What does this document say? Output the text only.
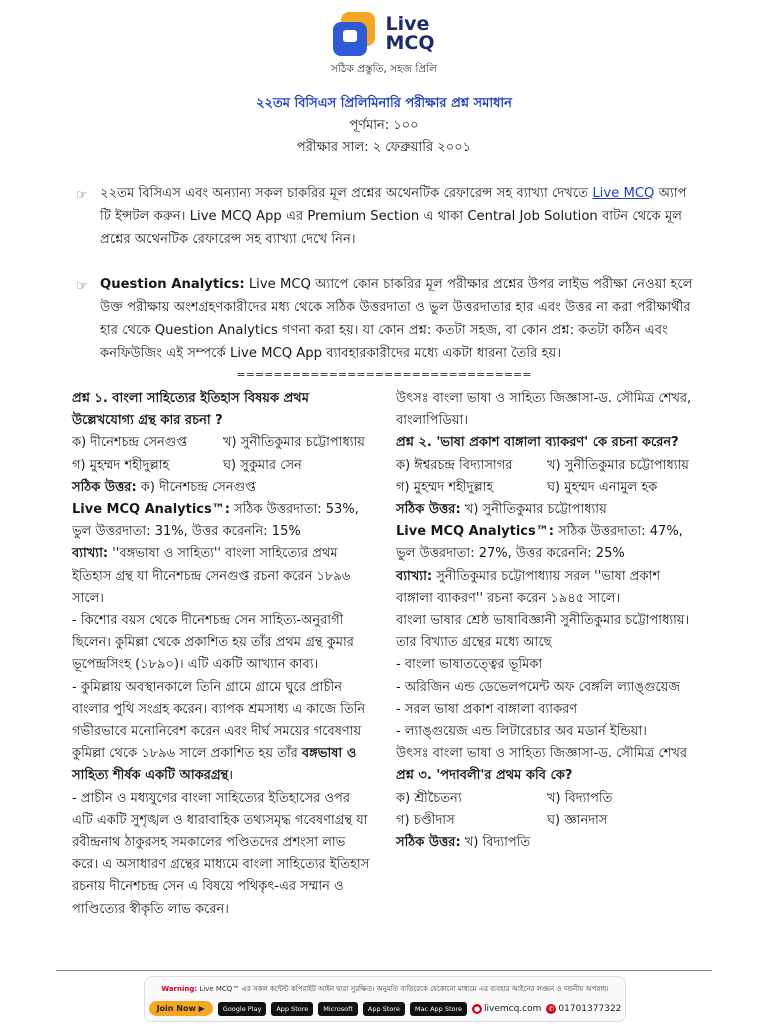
Live
MCQ
সঠিক প্রস্তুতি, সহজ প্রিলি
২২তম বিসিএস প্রিলিমিনারি পরীক্ষার প্রশ্ন সমাধান
পূর্ণমান: ১০০
পরীক্ষার সাল: ২ ফেব্রুয়ারি ২০০১
☞ ২২তম বিসিএস এবং অন্যান্য সকল চাকরির মূল প্রশ্নের অথেনটিক রেফারেন্স সহ ব্যাখ্যা দেখতে Live MCQ অ্যাপ টি ইন্সটল করুন। Live MCQ App এর Premium Section এ থাকা Central Job Solution বাটন থেকে মূল প্রশ্নের অথেনটিক রেফারেন্স সহ ব্যাখ্যা দেখে নিন।
☞ Question Analytics: Live MCQ অ্যাপে কোন চাকরির মূল পরীক্ষার প্রশ্নের উপর লাইভ পরীক্ষা নেওয়া হলে উক্ত পরীক্ষায় অংশগ্রহণকারীদের মধ্য থেকে সঠিক উত্তরদাতা ও ভুল উত্তরদাতার হার এবং উত্তর না করা পরীক্ষার্থীর হার থেকে Question Analytics গণনা করা হয়। যা কোন প্রশ্ন: কতটা সহজ, বা কোন প্রশ্ন: কতটা কঠিন এবং কনফিউজিং এই সম্পর্কে Live MCQ App ব্যাবহারকারীদের মধ্যে একটা ধারনা তৈরি হয়।
================================

প্রশ্ন ১. বাংলা সাহিত্যের ইতিহাস বিষয়ক প্রথম উল্লেখযোগ্য গ্রন্থ কার রচনা ?

ক) দীনেশচন্দ্র সেনগুপ্ত	খ) সুনীতিকুমার চট্টোপাধ্যায়
গ) মুহম্মদ শহীদুল্লাহ	ঘ) সুকুমার সেন

সঠিক উত্তর: ক) দীনেশচন্দ্র সেনগুপ্ত

Live MCQ Analytics™: সঠিক উত্তরদাতা: 53%, ভুল উত্তরদাতা: 31%, উত্তর করেননি: 15%

ব্যাখ্যা: ''বঙ্গভাষা ও সাহিত্য'' বাংলা সাহিত্যের প্রথম ইতিহাস গ্রন্থ যা দীনেশচন্দ্র সেনগুপ্ত রচনা করেন ১৮৯৬ সালে।

- কিশোর বয়স থেকে দীনেশচন্দ্র সেন সাহিত্য-অনুরাগী ছিলেন। কুমিল্লা থেকে প্রকাশিত হয় তাঁর প্রথম গ্রন্থ কুমার ভূপেন্দ্রসিংহ (১৮৯০)। এটি একটি আখ্যান কাব্য।

- কুমিল্লায় অবস্থানকালে তিনি গ্রামে গ্রামে ঘুরে প্রাচীন বাংলার পুথি সংগ্রহ করেন। ব্যাপক শ্রমসাধ্য এ কাজে তিনি গভীরভাবে মনোনিবেশ করেন এবং দীর্ঘ সময়ের গবেষণায় কুমিল্লা থেকে ১৮৯৬ সালে প্রকাশিত হয় তাঁর বঙ্গভাষা ও সাহিত্য শীর্ষক একটি আকরগ্রন্থ।

- প্রাচীন ও মধ্যযুগের বাংলা সাহিত্যের ইতিহাসের ওপর এটি একটি সুশৃঙ্খল ও ধারাবাহিক তথ্যসমৃদ্ধ গবেষণাগ্রন্থ যা রবীন্দ্রনাথ ঠাকুরসহ সমকালের পণ্ডিতদের প্রশংসা লাভ করে। এ অসাধারণ গ্রন্থের মাধ্যমে বাংলা সাহিত্যের ইতিহাস রচনায় দীনেশচন্দ্র সেন এ বিষয়ে পথিকৃৎ-এর সম্মান ও পাণ্ডিত্যের স্বীকৃতি লাভ করেন।

উৎসঃ বাংলা ভাষা ও সাহিত্য জিজ্ঞাসা-ড. সৌমিত্র শেখর, বাংলাপিডিয়া।

প্রশ্ন ২. 'ভাষা প্রকাশ বাঙ্গালা ব্যাকরণ' কে রচনা করেন?

ক) ঈশ্বরচন্দ্র বিদ্যাসাগর	খ) সুনীতিকুমার চট্টোপাধ্যায়
গ) মুহম্মদ শহীদুল্লাহ	ঘ) মুহম্মদ এনামুল হক

সঠিক উত্তর: খ) সুনীতিকুমার চট্টোপাধ্যায়

Live MCQ Analytics™: সঠিক উত্তরদাতা: 47%, ভুল উত্তরদাতা: 27%, উত্তর করেননি: 25%

ব্যাখ্যা: সুনীতিকুমার চট্টোপাধ্যায় সরল ''ভাষা প্রকাশ বাঙ্গালা ব্যাকরণ'' রচনা করেন ১৯৪৫ সালে।

বাংলা ভাষার শ্রেষ্ঠ ভাষাবিজ্ঞানী সুনীতিকুমার চট্টোপাধ্যায়।

তার বিখ্যাত গ্রন্থের মধ্যে আছে

- বাংলা ভাষাতত্ত্বের ভূমিকা

- অরিজিন এন্ড ডেভেলপমেন্ট অফ বেঙ্গলি ল্যাঙ্গুয়েজ

- সরল ভাষা প্রকাশ বাঙ্গালা ব্যাকরণ

- ল্যাঙ্গুয়েজ এন্ড লিটারেচার অব মডার্ন ইন্ডিয়া।

উৎসঃ বাংলা ভাষা ও সাহিত্য জিজ্ঞাসা-ড. সৌমিত্র শেখর

প্রশ্ন ৩. 'পদাবলী'র প্রথম কবি কে?

ক) শ্রীচৈতন্য	খ) বিদ্যাপতি
গ) চণ্ডীদাস	ঘ) জ্ঞানদাস

সঠিক উত্তর: খ) বিদ্যাপতি

Warning: Live MCQ™ এর সকল কন্টেন্ট কপিরাইট আইন দ্বারা সুরক্ষিত। অনুমতি ব্যতিরেকে যেকোনো মাধ্যমে এর ব্যবহার আইনের লঙ্ঘন ও দন্ডনীয় অপরাধ।
Join Now ▶	Google Play	App Store	Microsoft	App Store	Mac App Store	● livemcq.com ✆ 01701377322
